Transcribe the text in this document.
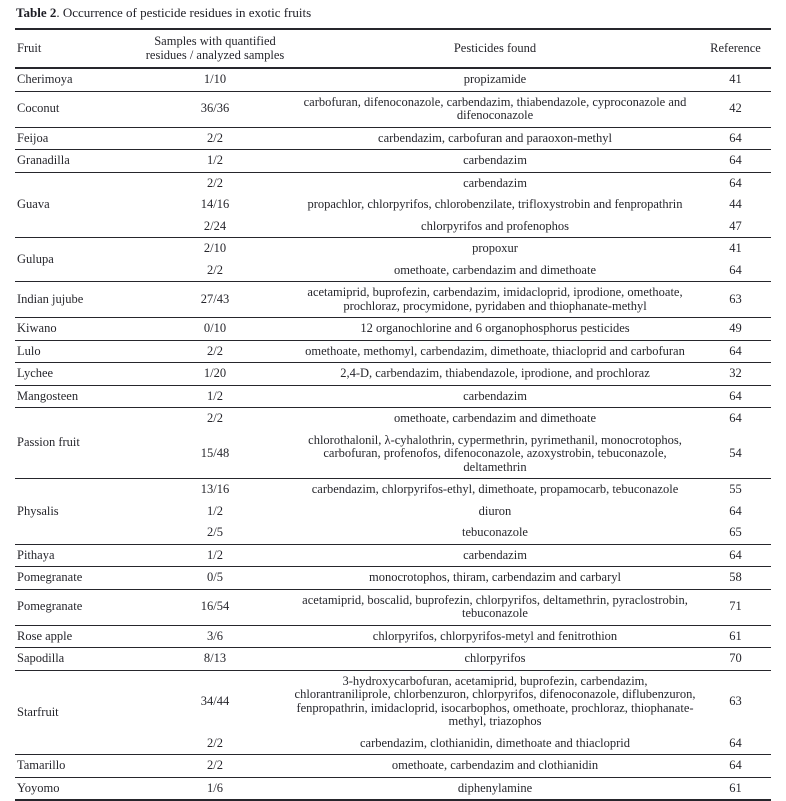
Table 2. Occurrence of pesticide residues in exotic fruits
Fruit	Samples with quantified
residues / analyzed samples	Pesticides found	Reference
Cherimoya	1/10	propizamide	41
Coconut	36/36	carbofuran, difenoconazole, carbendazim, thiabendazole, cyproconazole and difenoconazole	42
Feijoa	2/2	carbendazim, carbofuran and paraoxon-methyl	64
Granadilla	1/2	carbendazim	64
Guava	2/2	carbendazim	64
	14/16	propachlor, chlorpyrifos, chlorobenzilate, trifloxystrobin and fenpropathrin	44
	2/24	chlorpyrifos and profenophos	47
Gulupa	2/10	propoxur	41
	2/2	omethoate, carbendazim and dimethoate	64
Indian jujube	27/43	acetamiprid, buprofezin, carbendazim, imidacloprid, iprodione, omethoate, prochloraz, procymidone, pyridaben and thiophanate-methyl	63
Kiwano	0/10	12 organochlorine and 6 organophosphorus pesticides	49
Lulo	2/2	omethoate, methomyl, carbendazim, dimethoate, thiacloprid and carbofuran	64
Lychee	1/20	2,4-D, carbendazim, thiabendazole, iprodione, and prochloraz	32
Mangosteen	1/2	carbendazim	64
Passion fruit	2/2	omethoate, carbendazim and dimethoate	64
	15/48	chlorothalonil, λ-cyhalothrin, cypermethrin, pyrimethanil, monocrotophos, carbofuran, profenofos, difenoconazole, azoxystrobin, tebuconazole, deltamethrin	54
Physalis	13/16	carbendazim, chlorpyrifos-ethyl, dimethoate, propamocarb, tebuconazole	55
	1/2	diuron	64
	2/5	tebuconazole	65
Pithaya	1/2	carbendazim	64
Pomegranate	0/5	monocrotophos, thiram, carbendazim and carbaryl	58
Pomegranate	16/54	acetamiprid, boscalid, buprofezin, chlorpyrifos, deltamethrin, pyraclostrobin, tebuconazole	71
Rose apple	3/6	chlorpyrifos, chlorpyrifos-metyl and fenitrothion	61
Sapodilla	8/13	chlorpyrifos	70
Starfruit	34/44	3-hydroxycarbofuran, acetamiprid, buprofezin, carbendazim, chlorantraniliprole, chlorbenzuron, chlorpyrifos, difenoconazole, diflubenzuron, fenpropathrin, imidacloprid, isocarbophos, omethoate, prochloraz, thiophanate-methyl, triazophos	63
	2/2	carbendazim, clothianidin, dimethoate and thiacloprid	64
Tamarillo	2/2	omethoate, carbendazim and clothianidin	64
Yoyomo	1/6	diphenylamine	61
